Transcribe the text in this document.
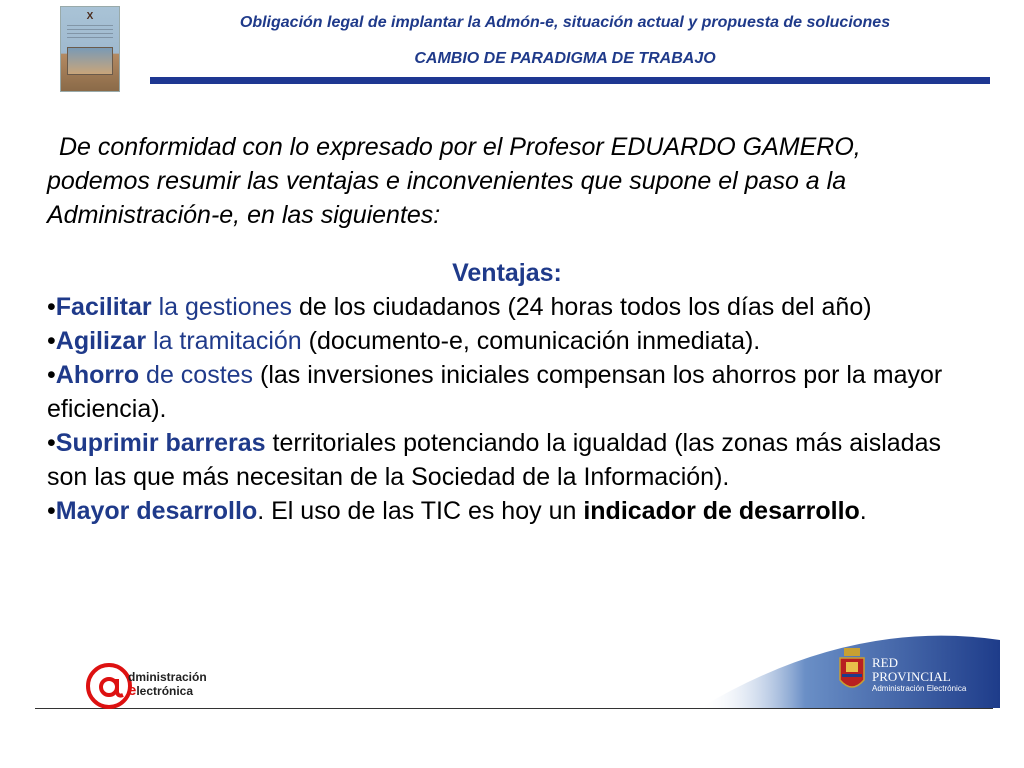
X	Obligación legal de implantar la Admón-e, situación actual y propuesta de soluciones
CAMBIO DE PARADIGMA DE TRABAJO

De conformidad con lo expresado por el Profesor EDUARDO GAMERO, podemos resumir las ventajas e inconvenientes que supone el paso a la Administración-e, en las siguientes:

Ventajas:

•Facilitar la gestiones de los ciudadanos (24 horas todos los días del año)

•Agilizar la tramitación (documento-e, comunicación inmediata).

•Ahorro de costes (las inversiones iniciales compensan los ahorros por la mayor eficiencia).

•Suprimir barreras territoriales potenciando la igualdad (las zonas más aisladas son las que más necesitan de la Sociedad de la Información).

•Mayor desarrollo. El uso de las TIC es hoy un indicador de desarrollo.

dministración
electrónica
RED
PROVINCIAL
Administración Electrónica
